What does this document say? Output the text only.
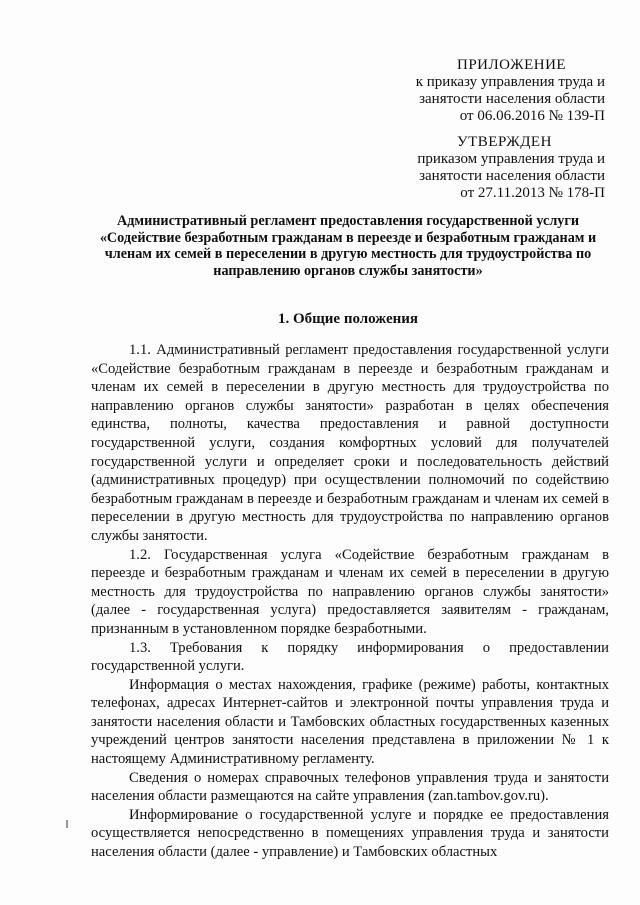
ПРИЛОЖЕНИЕ
к приказу управления труда и
занятости населения области
от 06.06.2016 № 139-П
УТВЕРЖДЕН
приказом управления труда и
занятости населения области
от 27.11.2013 № 178-П
Административный регламент предоставления государственной услуги «Содействие безработным гражданам в переезде и безработным гражданам и членам их семей в переселении в другую местность для трудоустройства по направлению органов службы занятости»
1. Общие положения

1.1. Административный регламент предоставления государственной услуги «Содействие безработным гражданам в переезде и безработным гражданам и членам их семей в переселении в другую местность для трудоустройства по направлению органов службы занятости» разработан в целях обеспечения единства, полноты, качества предоставления и равной доступности государственной услуги, создания комфортных условий для получателей государственной услуги и определяет сроки и последовательность действий (административных процедур) при осуществлении полномочий по содействию безработным гражданам в переезде и безработным гражданам и членам их семей в переселении в другую местность для трудоустройства по направлению органов службы занятости.

1.2. Государственная услуга «Содействие безработным гражданам в переезде и безработным гражданам и членам их семей в переселении в другую местность для трудоустройства по направлению органов службы занятости» (далее - государственная услуга) предоставляется заявителям - гражданам, признанным в установленном порядке безработными.

1.3. Требования к порядку информирования о предоставлении государственной услуги.

Информация о местах нахождения, графике (режиме) работы, контактных телефонах, адресах Интернет-сайтов и электронной почты управления труда и занятости населения области и Тамбовских областных государственных казенных учреждений центров занятости населения представлена в приложении № 1 к настоящему Административному регламенту.

Сведения о номерах справочных телефонов управления труда и занятости населения области размещаются на сайте управления (zan.tambov.gov.ru).

Информирование о государственной услуге и порядке ее предоставления осуществляется непосредственно в помещениях управления труда и занятости населения области (далее - управление) и Тамбовских областных
